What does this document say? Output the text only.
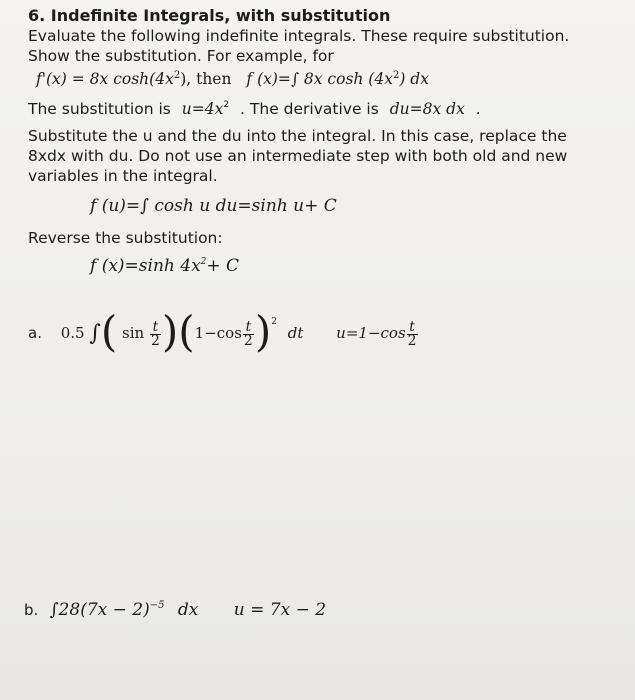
6. Indefinite Integrals, with substitution
Evaluate the following indefinite integrals. These require substitution.
Show the substitution. For example, for
f'(x) = 8x $\cosh(4x^2)$, then f (x)=∫ 8x $\cosh (4x^2)$ dx
The substitution is $u=4x^2$ . The derivative is du=8x dx .
Substitute the u and the du into the integral. In this case, replace the
8xdx with du. Do not use an intermediate step with both old and new
variables in the integral.
f (u)=∫ cosh u du=sinh u+ C
Reverse the substitution:
f (x)=sinh $4x^2+ C$
a. 0.5 ∫( $\sin \frac{t}{2} )(1-\cos \frac{t}{2} )^2$ dt $u=1-\cos \frac{t}{2}$
b. $\int 28(7x - 2)^{-5}$ dx u = 7x − 2
